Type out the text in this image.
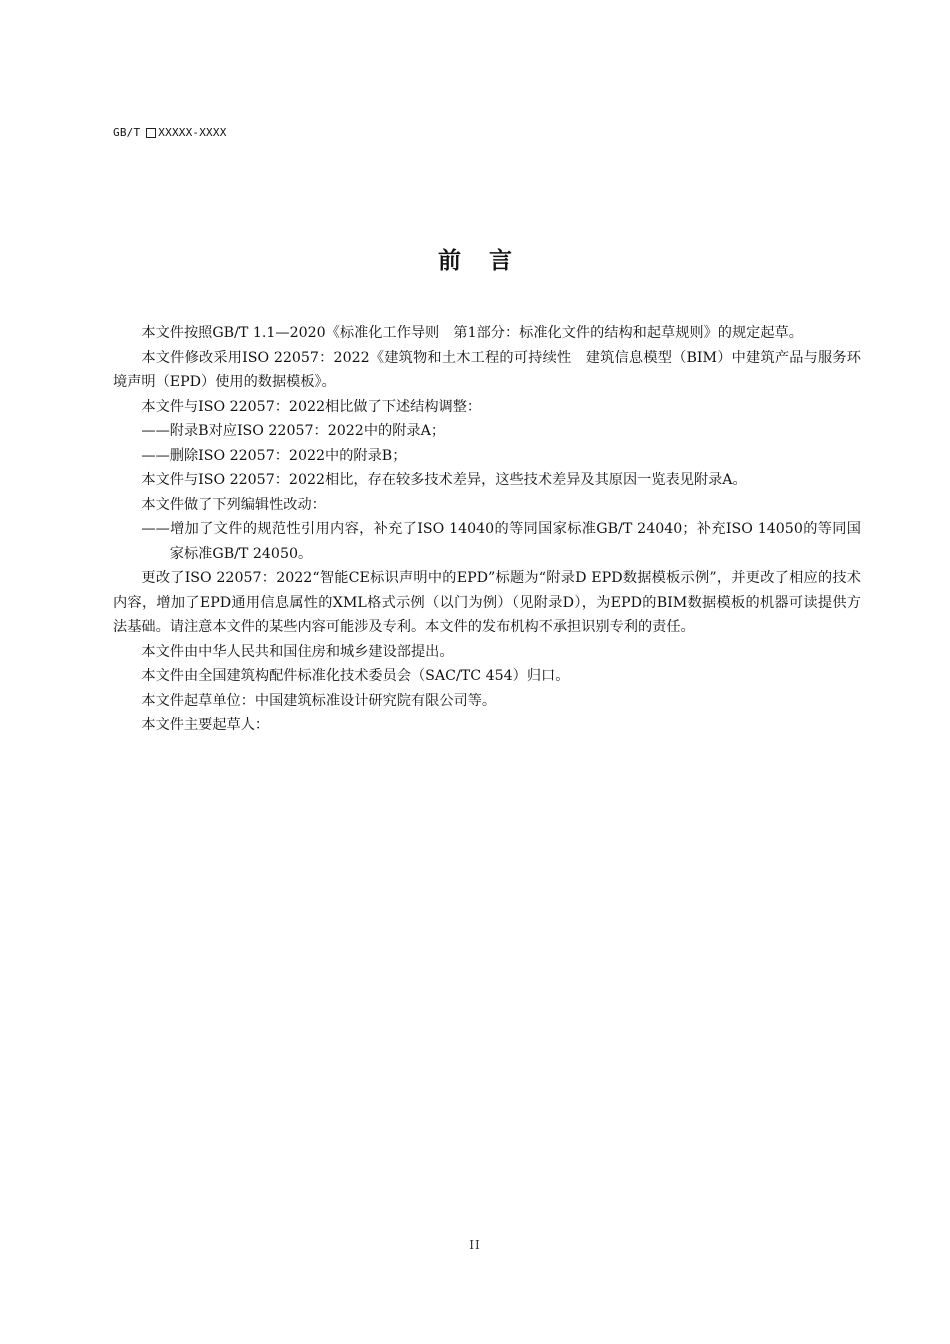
GB/T XXXXX-XXXX
前言

本文件按照GB/T 1.1—2020《标准化工作导则　第1部分：标准化文件的结构和起草规则》的规定起草。

本文件修改采用ISO 22057：2022《建筑物和土木工程的可持续性　建筑信息模型（BIM）中建筑产品与服务环境声明（EPD）使用的数据模板》。

本文件与ISO 22057：2022相比做了下述结构调整：

——附录B对应ISO 22057：2022中的附录A；

——删除ISO 22057：2022中的附录B；

本文件与ISO 22057：2022相比，存在较多技术差异，这些技术差异及其原因一览表见附录A。

本文件做了下列编辑性改动：

——增加了文件的规范性引用内容，补充了ISO 14040的等同国家标准GB/T 24040；补充ISO 14050的等同国家标准GB/T 24050。

更改了ISO 22057：2022“智能CE标识声明中的EPD”标题为“附录D EPD数据模板示例”，并更改了相应的技术内容，增加了EPD通用信息属性的XML格式示例（以门为例）（见附录D），为EPD的BIM数据模板的机器可读提供方法基础。请注意本文件的某些内容可能涉及专利。本文件的发布机构不承担识别专利的责任。

本文件由中华人民共和国住房和城乡建设部提出。

本文件由全国建筑构配件标准化技术委员会（SAC/TC 454）归口。

本文件起草单位：中国建筑标准设计研究院有限公司等。

本文件主要起草人：

II
